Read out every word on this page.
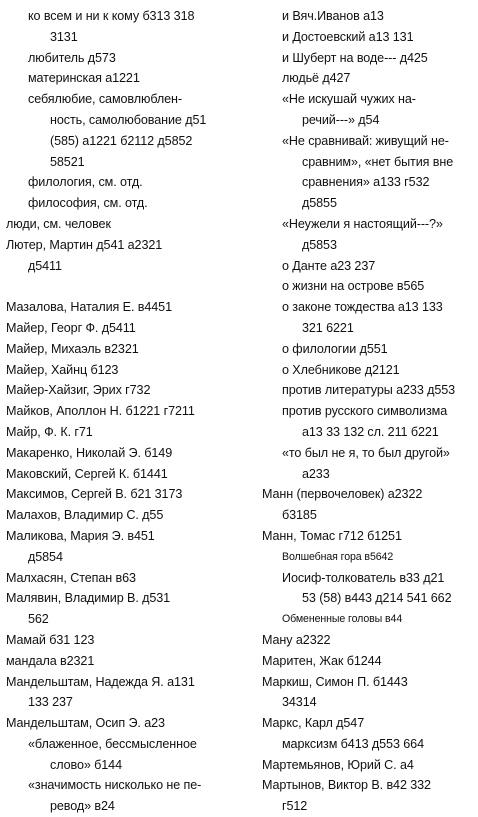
ко всем и ни к кому б313 318
3131
любитель д573
материнская а1221
себялюбие, самовлюблен-
ность, самолюбование д51
(585) а1221 б2112 д5852
58521
филология, см. отд.
философия, см. отд.
люди, см. человек
Лютер, Мартин д541 а2321
д5411
Мазалова, Наталия Е. в4451
Майер, Георг Ф. д5411
Майер, Михаэль в2321
Майер, Хайнц б123
Майер-Хайзиг, Эрих г732
Майков, Аполлон Н. б1221 г7211
Майр, Ф. К. г71
Макаренко, Николай Э. б149
Маковский, Сергей К. б1441
Максимов, Сергей В. б21 3173
Малахов, Владимир С. д55
Маликова, Мария Э. в451
д5854
Малхасян, Степан в63
Малявин, Владимир В. д531
562
Мамай б31 123
мандала в2321
Мандельштам, Надежда Я. а131
133 237
Мандельштам, Осип Э. а23
«блаженное, бессмысленное
слово» б144
«значимость нисколько не пе-
ревод» в24
и Вяч.Иванов а13
и Достоевский а13 131
и Шуберт на воде--- д425
людьё д427
«Не искушай чужих на-
речий---» д54
«Не сравнивай: живущий не-
сравним», «нет бытия вне
сравнения» а133 г532
д5855
«Неужели я настоящий---?»
д5853
о Данте а23 237
о жизни на острове в565
о законе тождества а13 133
321 6221
о филологии д551
о Хлебникове д2121
против литературы а233 д553
против русского символизма
а13 33 132 сл. 211 б221
«то был не я, то был другой»
а233
Манн (первочеловек) а2322
б3185
Манн, Томас г712 б1251
Волшебная гора в5642
Иосиф-толкователь в33 д21
53 (58) в443 д214 541 662
Обмененные головы в44
Ману а2322
Маритен, Жак б1244
Маркиш, Симон П. б1443
34314
Маркс, Карл д547
марксизм б413 д553 664
Мартемьянов, Юрий С. а4
Мартынов, Виктор В. в42 332
г512
